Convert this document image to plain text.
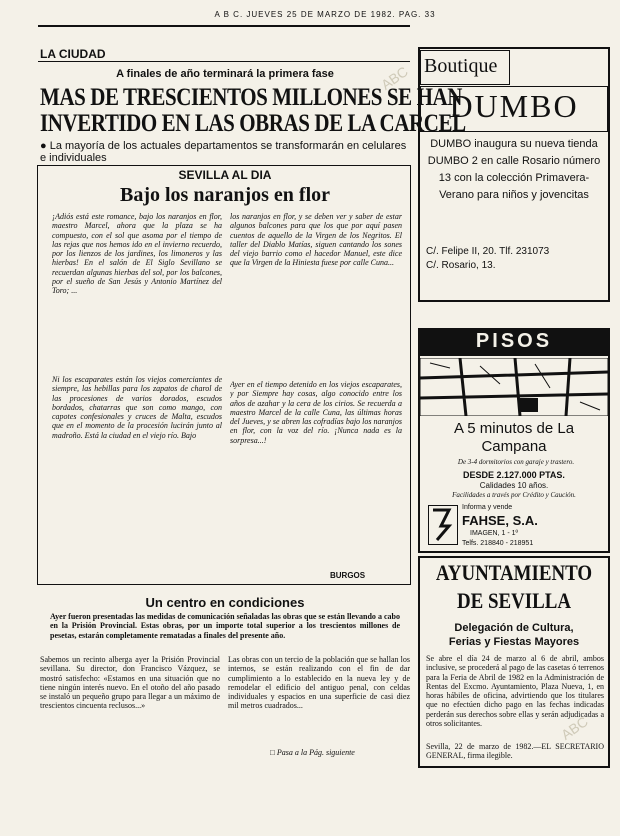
A B C. JUEVES 25 DE MARZO DE 1982. PAG. 33
LA CIUDAD
A finales de año terminará la primera fase
MAS DE TRESCIENTOS MILLONES SE HAN
INVERTIDO EN LAS OBRAS DE LA CARCEL
● La mayoría de los actuales departamentos se transformarán en celulares e individuales
SEVILLA AL DIA
Bajo los naranjos en flor
¡Adiós está este romance, bajo los naranjos en flor, maestro Marcel, ahora que la plaza se ha compuesto, con el sol que asoma por el tiempo de las rejas que nos hemos ido en el invierno recuerdo, por los lienzos de los jardines, los limoneros y las hierbas! En el salón de El Siglo Sevillano se recuerdan algunas hierbas del sol, por los balcones, por el sueño de San Jesús y Antonio Martínez del Toro; ...
Ni los escaparates están los viejos comerciantes de siempre, las hebillas para los zapatos de charol de las procesiones de varios dorados, escudos bordados, chatarras que son como mango, con capotes confesionales y cruces de Malta, escudos que en el momento de la procesión lucirán junto al madroño. Está la ciudad en el viejo río. Bajo
los naranjos en flor, y se deben ver y saber de estar algunos balcones para que los que por aquí pasen cuentos de aquello de la Virgen de los Negritos. El taller del Diablo Matías, siguen cantando los sones del viejo barrio como el hacedor Manuel, este dice que la Virgen de la Hiniesta fuese por calle Cuna...
Ayer en el tiempo detenido en los viejos escaparates, y por Siempre hay cosas, algo conocido entre los años de azahar y la cera de los cirios. Se recuerda a maestro Marcel de la calle Cuna, las últimas horas del Jueves, y se abren las cofradías bajo los naranjos en flor, con la voz del río. ¡Nunca nada es la sorpresa...!
BURGOS
Un centro en condiciones
Ayer fueron presentadas las medidas de comunicación señaladas las obras que se están llevando a cabo en la Prisión Provincial. Estas obras, por un importe total superior a los trescientos millones de pesetas, estarán completamente rematadas a finales del presente año.
Sabemos un recinto alberga ayer la Prisión Provincial sevillana. Su director, don Francisco Vázquez, se mostró satisfecho: «Estamos en una situación que no tiene ningún interés nuevo. En el otoño del año pasado se instaló un pequeño grupo para llegar a un máximo de trescientos cincuenta reclusos...»
Las obras con un tercio de la población que se hallan los internos, se están realizando con el fin de dar cumplimiento a lo establecido en la nueva ley y de remodelar el edificio del antiguo penal, con celdas individuales y espacios en una superficie de casi diez mil metros cuadrados...
□ Pasa a la Pág. siguiente
Boutique
DUMBO
DUMBO inaugura su nueva tienda DUMBO 2 en calle Rosario número 13 con la colección Primavera-Verano para niños y jovencitas
C/. Felipe II, 20. Tlf. 231073
C/. Rosario, 13.
PISOS
A 5 minutos de La Campana
De 3-4 dormitorios con garaje y trastero.
DESDE 2.127.000 PTAS.
Calidades 10 años.
Facilidades a través por Crédito y Caución.
Informa y vende
FAHSE, S.A.
IMAGEN, 1 - 1º
Telfs. 218840 - 218951
AYUNTAMIENTO
DE SEVILLA
Delegación de Cultura,
Ferias y Fiestas Mayores
Se abre el día 24 de marzo al 6 de abril, ambos inclusive, se procederá al pago de las casetas ó terrenos para la Feria de Abril de 1982 en la Administración de Rentas del Excmo. Ayuntamiento, Plaza Nueva, 1, en horas hábiles de oficina, advirtiendo que los titulares que no efectúen dicho pago en las fechas indicadas perderán sus derechos sobre ellas y serán adjudicadas a otros solicitantes.
Sevilla, 22 de marzo de 1982.—EL SECRETARIO GENERAL, firma ilegible.
ABC
ABC
